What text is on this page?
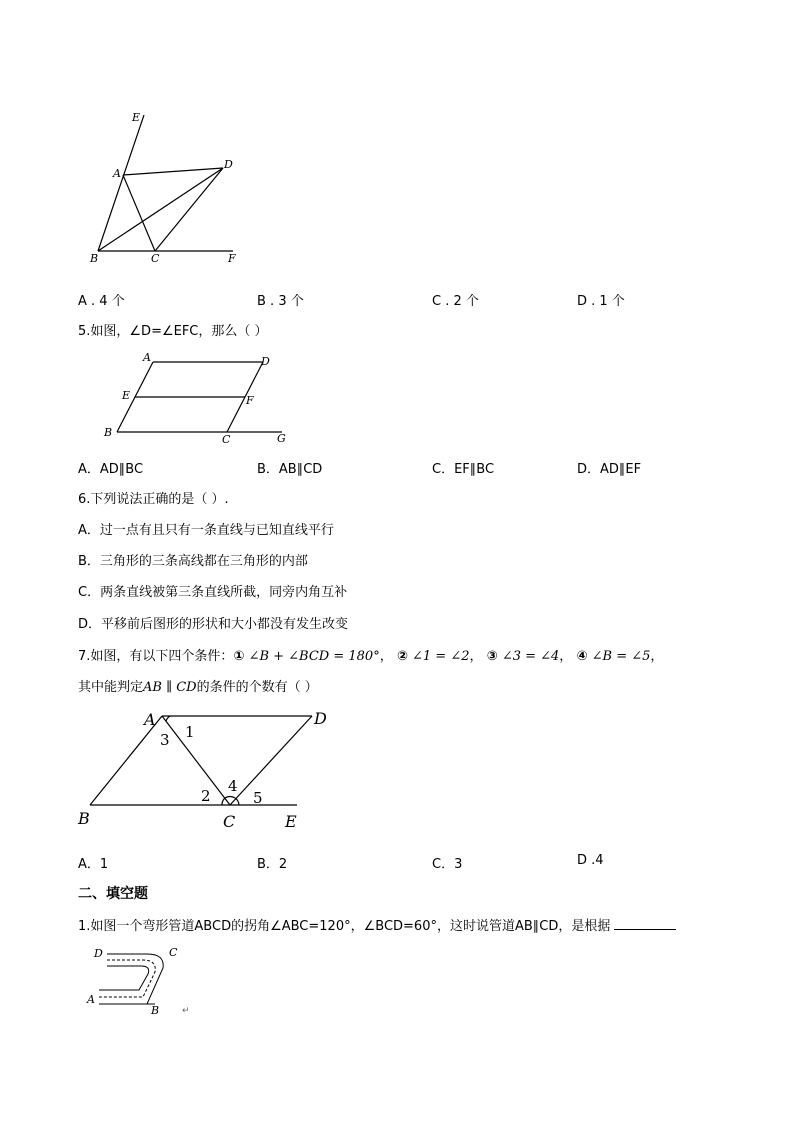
E
A
D
B	C	F
A . 4 个	B . 3 个	C . 2 个	D . 1 个
5.如图，∠D=∠EFC，那么（ ）
A	D
E	F
B
C	G
A．AD∥BC	B．AB∥CD	C．EF∥BC	D．AD∥EF
6.下列说法正确的是（ ）.
A．过一点有且只有一条直线与已知直线平行
B．三角形的三条高线都在三角形的内部
C．两条直线被第三条直线所截，同旁内角互补
D．平移前后图形的形状和大小都没有发生改变
7.如图，有以下四个条件：① ∠B + ∠BCD = 180°， ② ∠1 = ∠2， ③ ∠3 = ∠4， ④ ∠B = ∠5，
其中能判定AB ∥ CD的条件的个数有（ ）
A	D
B	C	E
1
3
2
4
5
A．1	B．2	C．3	D .4
二、填空题
1.如图一个弯形管道ABCD的拐角∠ABC=120°，∠BCD=60°，这时说管道AB∥CD，是根据
D	C
A
B	↵
